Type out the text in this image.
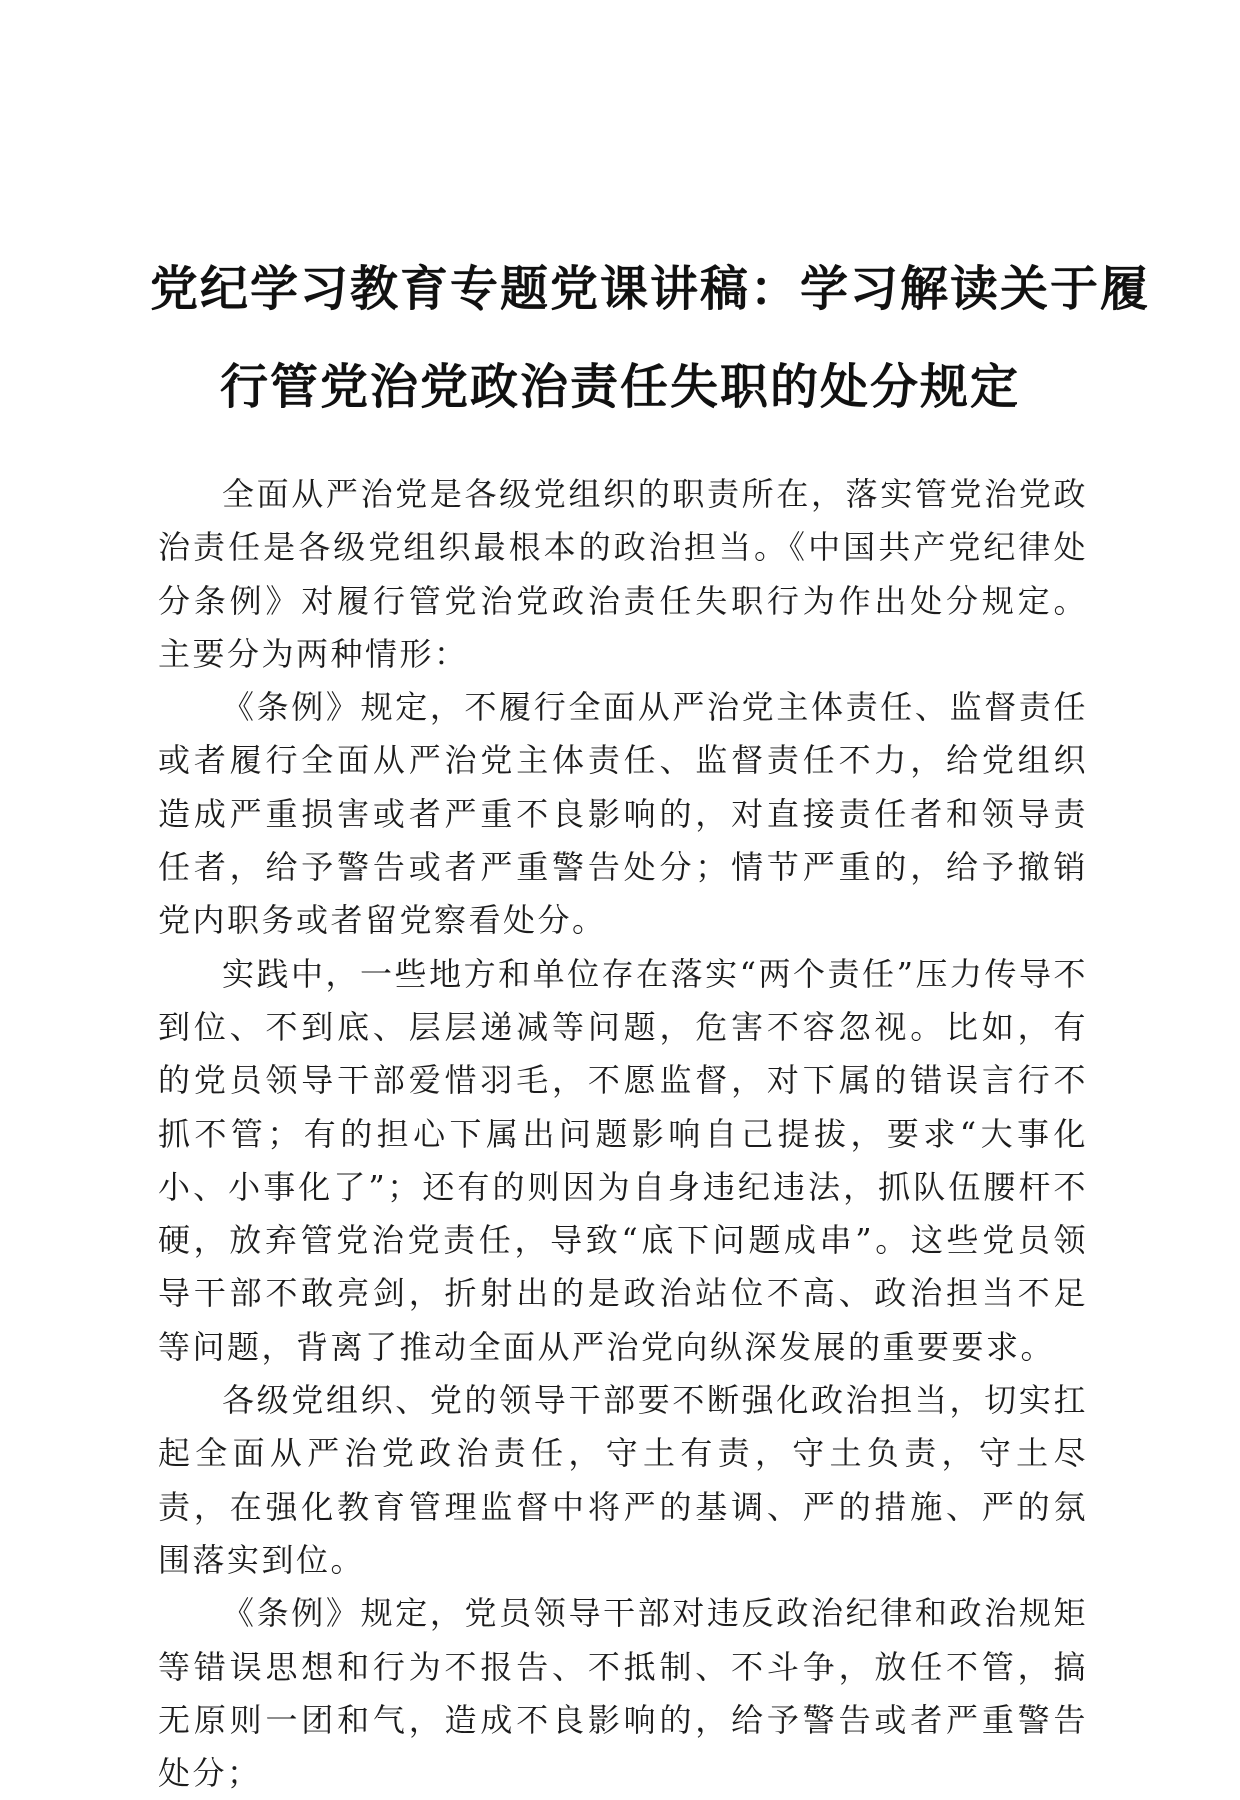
党纪学习教育专题党课讲稿：学习解读关于履
行管党治党政治责任失职的处分规定

全面从严治党是各级党组织的职责所在，落实管党治党政治责任是各级党组织最根本的政治担当。《中国共产党纪律处分条例》对履行管党治党政治责任失职行为作出处分规定。主要分为两种情形：

《条例》规定，不履行全面从严治党主体责任、监督责任或者履行全面从严治党主体责任、监督责任不力，给党组织造成严重损害或者严重不良影响的，对直接责任者和领导责任者，给予警告或者严重警告处分；情节严重的，给予撤销党内职务或者留党察看处分。

实践中，一些地方和单位存在落实“两个责任”压力传导不到位、不到底、层层递减等问题，危害不容忽视。比如，有的党员领导干部爱惜羽毛，不愿监督，对下属的错误言行不抓不管；有的担心下属出问题影响自己提拔，要求“大事化小、小事化了”；还有的则因为自身违纪违法，抓队伍腰杆不硬，放弃管党治党责任，导致“底下问题成串”。这些党员领导干部不敢亮剑，折射出的是政治站位不高、政治担当不足等问题，背离了推动全面从严治党向纵深发展的重要要求。

各级党组织、党的领导干部要不断强化政治担当，切实扛起全面从严治党政治责任，守土有责，守土负责，守土尽责，在强化教育管理监督中将严的基调、严的措施、严的氛围落实到位。

《条例》规定，党员领导干部对违反政治纪律和政治规矩等错误思想和行为不报告、不抵制、不斗争，放任不管，搞无原则一团和气，造成不良影响的，给予警告或者严重警告处分；
